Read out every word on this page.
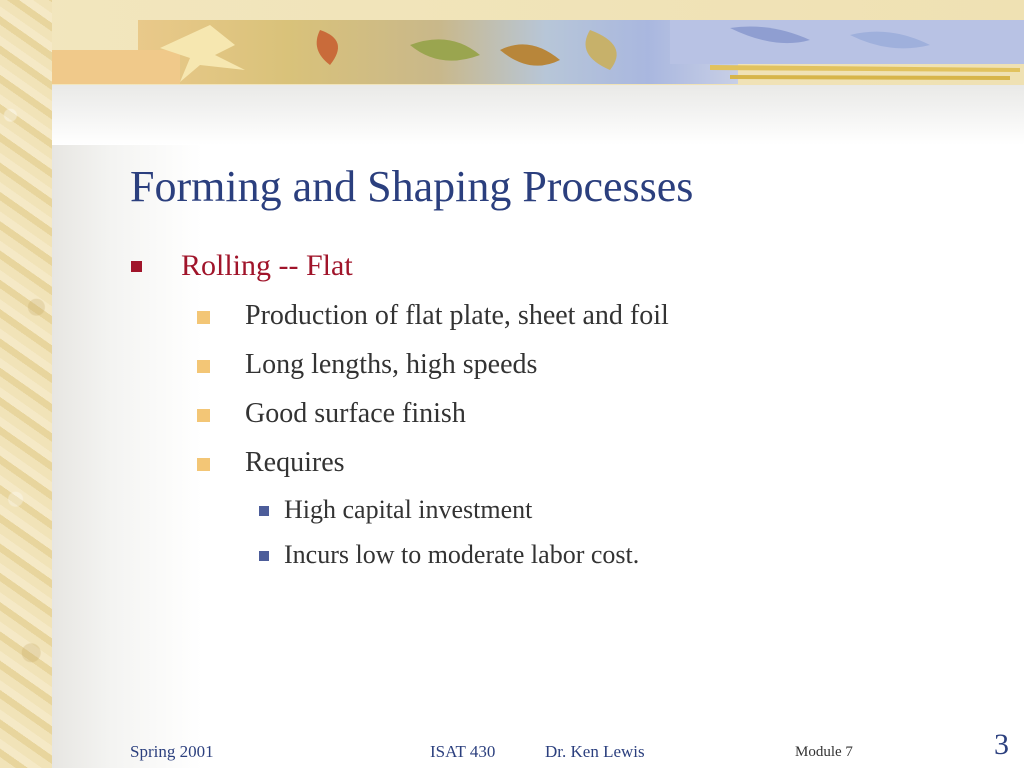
Forming and Shaping Processes
Rolling -- Flat
Production of flat plate, sheet and foil
Long lengths, high speeds
Good surface finish
Requires
High capital investment
Incurs low to moderate labor cost.
Spring 2001	ISAT 430	Dr. Ken Lewis	Module 7	3
